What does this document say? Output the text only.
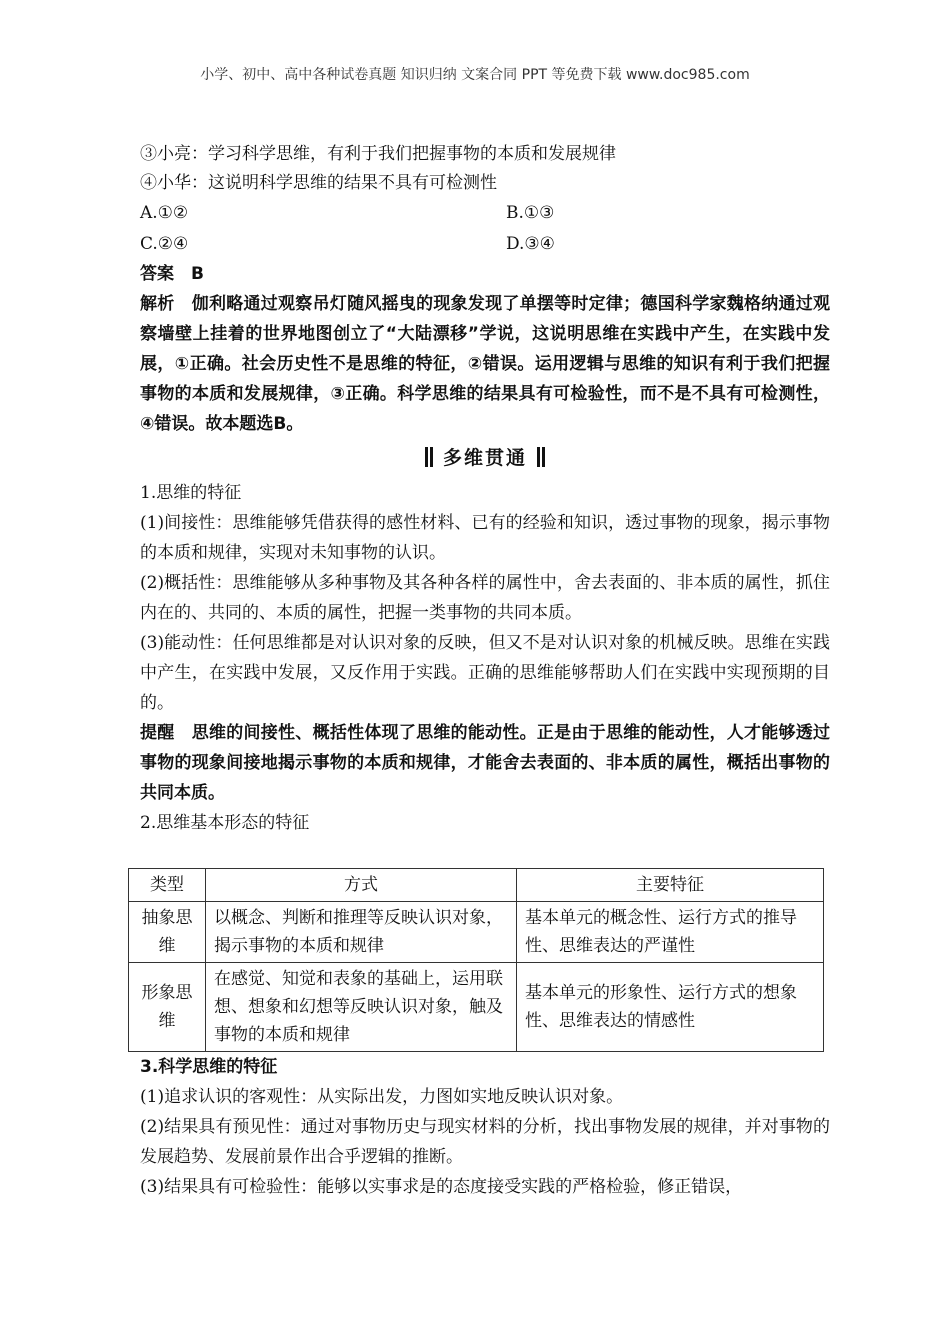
小学、初中、高中各种试卷真题 知识归纳 文案合同 PPT 等免费下载 www.doc985.com
③小亮：学习科学思维，有利于我们把握事物的本质和发展规律
④小华：这说明科学思维的结果不具有可检测性
A.①②	B.①③
C.②④	D.③④
答案　B
解析　伽利略通过观察吊灯随风摇曳的现象发现了单摆等时定律；德国科学家魏格纳通过观察墙壁上挂着的世界地图创立了“大陆漂移”学说，这说明思维在实践中产生，在实践中发展，①正确。社会历史性不是思维的特征，②错误。运用逻辑与思维的知识有利于我们把握事物的本质和发展规律，③正确。科学思维的结果具有可检验性，而不是不具有可检测性，④错误。故本题选B。
多维贯通
1.思维的特征
(1)间接性：思维能够凭借获得的感性材料、已有的经验和知识，透过事物的现象，揭示事物的本质和规律，实现对未知事物的认识。
(2)概括性：思维能够从多种事物及其各种各样的属性中，舍去表面的、非本质的属性，抓住内在的、共同的、本质的属性，把握一类事物的共同本质。
(3)能动性：任何思维都是对认识对象的反映，但又不是对认识对象的机械反映。思维在实践中产生，在实践中发展，又反作用于实践。正确的思维能够帮助人们在实践中实现预期的目的。
提醒　思维的间接性、概括性体现了思维的能动性。正是由于思维的能动性，人才能够透过事物的现象间接地揭示事物的本质和规律，才能舍去表面的、非本质的属性，概括出事物的共同本质。
2.思维基本形态的特征
类型	方式	主要特征
抽象思维	以概念、判断和推理等反映认识对象，揭示事物的本质和规律	基本单元的概念性、运行方式的推导性、思维表达的严谨性
形象思维	在感觉、知觉和表象的基础上，运用联想、想象和幻想等反映认识对象，触及事物的本质和规律	基本单元的形象性、运行方式的想象性、思维表达的情感性
3.科学思维的特征
(1)追求认识的客观性：从实际出发，力图如实地反映认识对象。
(2)结果具有预见性：通过对事物历史与现实材料的分析，找出事物发展的规律，并对事物的发展趋势、发展前景作出合乎逻辑的推断。
(3)结果具有可检验性：能够以实事求是的态度接受实践的严格检验，修正错误，
